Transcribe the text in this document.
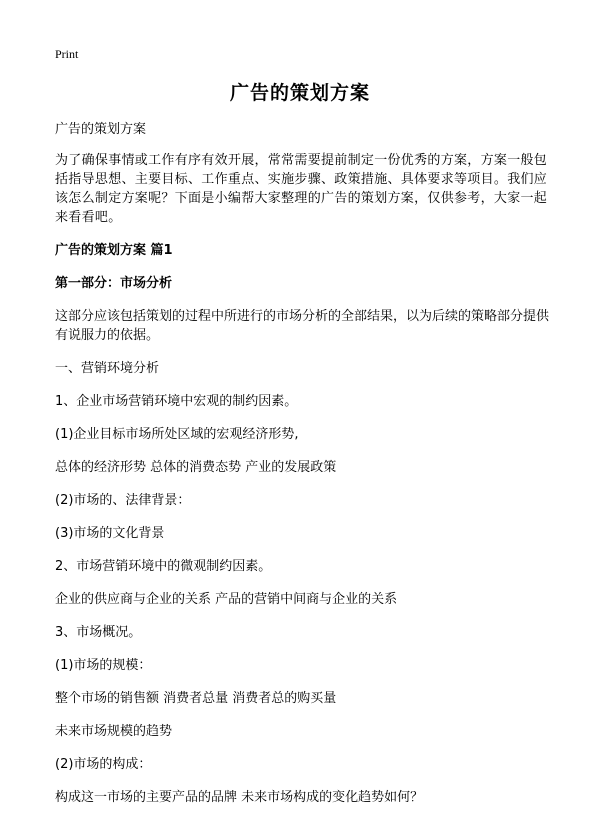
Print
广告的策划方案

广告的策划方案

为了确保事情或工作有序有效开展，常常需要提前制定一份优秀的方案，方案一般包括指导思想、主要目标、工作重点、实施步骤、政策措施、具体要求等项目。我们应该怎么制定方案呢？下面是小编帮大家整理的广告的策划方案，仅供参考，大家一起来看看吧。

广告的策划方案 篇1

第一部分：市场分析

这部分应该包括策划的过程中所进行的市场分析的全部结果，以为后续的策略部分提供有说服力的依据。

一、营销环境分析

1、企业市场营销环境中宏观的制约因素。

(1)企业目标市场所处区域的宏观经济形势,

总体的经济形势 总体的消费态势 产业的发展政策

(2)市场的、法律背景：

(3)市场的文化背景

2、市场营销环境中的微观制约因素。

企业的供应商与企业的关系 产品的营销中间商与企业的关系

3、市场概况。

(1)市场的规模：

整个市场的销售额 消费者总量 消费者总的购买量

未来市场规模的趋势

(2)市场的构成：

构成这一市场的主要产品的品牌 未来市场构成的变化趋势如何？
